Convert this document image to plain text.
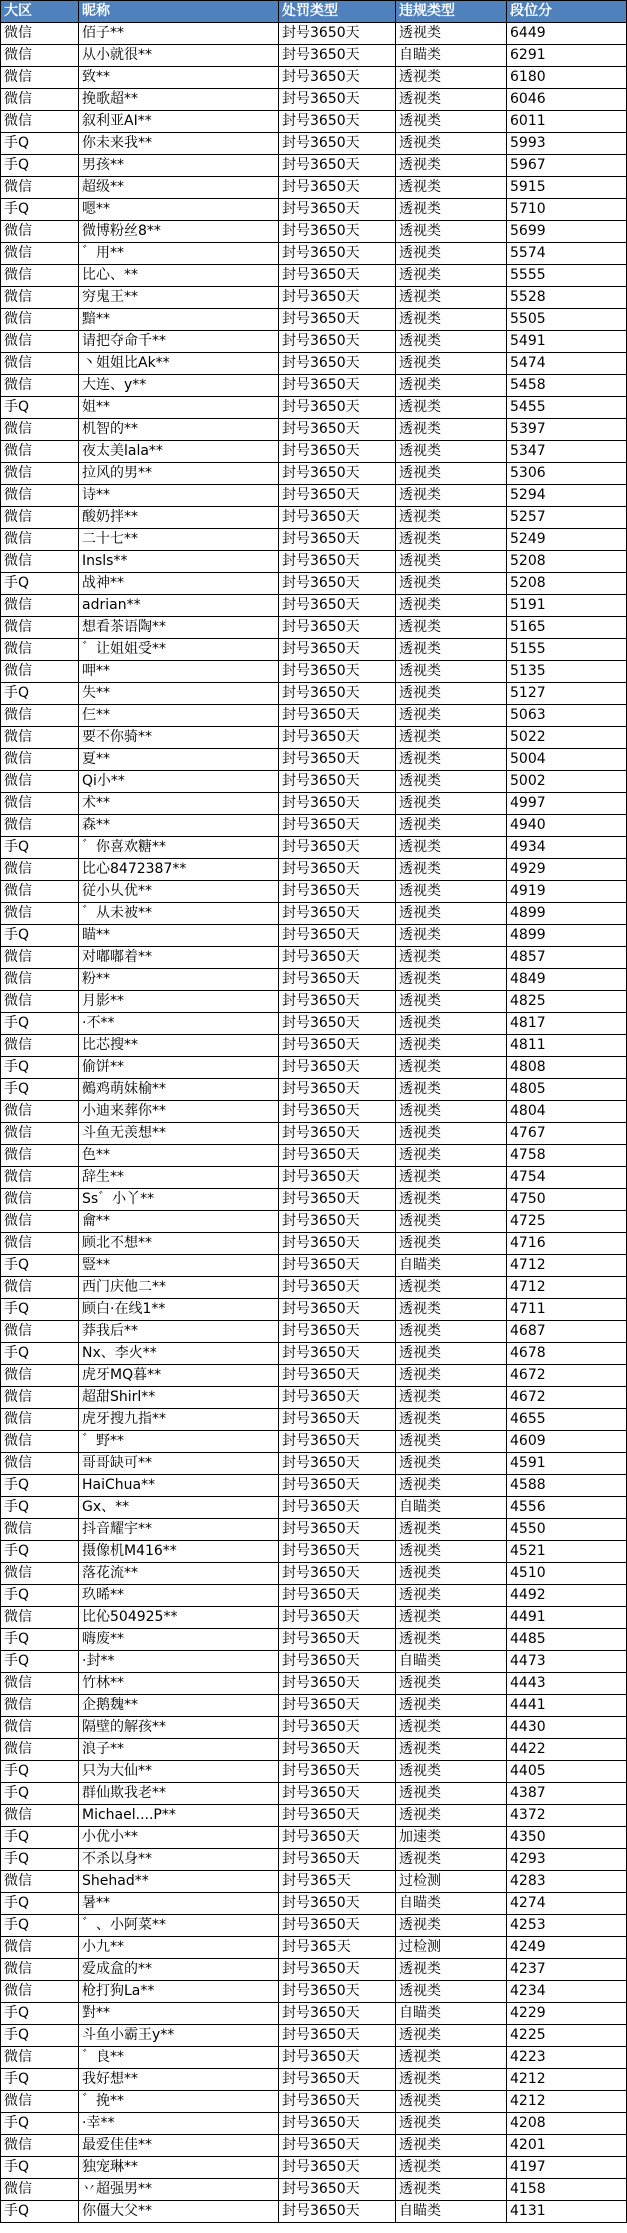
大区	昵称	处罚类型	违规类型	段位分
微信	佰子**	封号3650天	透视类	6449
微信	从小就很**	封号3650天	自瞄类	6291
微信	致**	封号3650天	透视类	6180
微信	挽歌超**	封号3650天	透视类	6046
微信	叙利亚AI**	封号3650天	透视类	6011
手Q	你未来我**	封号3650天	透视类	5993
手Q	男孩**	封号3650天	透视类	5967
微信	超级**	封号3650天	透视类	5915
手Q	嗯**	封号3650天	透视类	5710
微信	微博粉丝8**	封号3650天	透视类	5699
微信	゛用**	封号3650天	透视类	5574
微信	比心、**	封号3650天	透视类	5555
微信	穷鬼王**	封号3650天	透视类	5528
微信	黯**	封号3650天	透视类	5505
微信	请把夺命千**	封号3650天	透视类	5491
微信	丶姐姐比Ak**	封号3650天	透视类	5474
微信	大连、y**	封号3650天	透视类	5458
手Q	姐**	封号3650天	透视类	5455
微信	机智的**	封号3650天	透视类	5397
微信	夜太美lala**	封号3650天	透视类	5347
微信	拉风的男**	封号3650天	透视类	5306
微信	诗**	封号3650天	透视类	5294
微信	酸奶拌**	封号3650天	透视类	5257
微信	二十七**	封号3650天	透视类	5249
微信	Insls**	封号3650天	透视类	5208
手Q	战神**	封号3650天	透视类	5208
微信	adrian**	封号3650天	透视类	5191
微信	想看茶语陶**	封号3650天	透视类	5165
微信	゛让姐姐受**	封号3650天	透视类	5155
微信	呷**	封号3650天	透视类	5135
手Q	失**	封号3650天	透视类	5127
微信	仨**	封号3650天	透视类	5063
微信	要不你骑**	封号3650天	透视类	5022
微信	夏**	封号3650天	透视类	5004
微信	Qi小**	封号3650天	透视类	5002
微信	术**	封号3650天	透视类	4997
微信	森**	封号3650天	透视类	4940
手Q	゛你喜欢糖**	封号3650天	透视类	4934
微信	比心8472387**	封号3650天	透视类	4929
微信	従小乆优**	封号3650天	透视类	4919
微信	゛从未被**	封号3650天	透视类	4899
手Q	瞄**	封号3650天	透视类	4899
微信	对嘟嘟着**	封号3650天	透视类	4857
微信	粉**	封号3650天	透视类	4849
微信	月影**	封号3650天	透视类	4825
手Q	·不**	封号3650天	透视类	4817
微信	比芯搜**	封号3650天	透视类	4811
手Q	偷饼**	封号3650天	透视类	4808
手Q	鵺鸡萌妹榆**	封号3650天	透视类	4805
微信	小迪来葬你**	封号3650天	透视类	4804
微信	斗鱼无羡想**	封号3650天	透视类	4767
微信	色**	封号3650天	透视类	4758
微信	辞生**	封号3650天	透视类	4754
微信	Ss゛小丫**	封号3650天	透视类	4750
微信	龠**	封号3650天	透视类	4725
微信	顾北不想**	封号3650天	透视类	4716
手Q	豎**	封号3650天	自瞄类	4712
微信	西门庆他二**	封号3650天	透视类	4712
手Q	顾白·在线1**	封号3650天	透视类	4711
微信	莽我后**	封号3650天	透视类	4687
手Q	Nx、李火**	封号3650天	透视类	4678
微信	虎牙MQ暮**	封号3650天	透视类	4672
微信	超甜Shirl**	封号3650天	透视类	4672
微信	虎牙搜九指**	封号3650天	透视类	4655
微信	゛野**	封号3650天	透视类	4609
微信	哥哥缺可**	封号3650天	透视类	4591
手Q	HaiChua**	封号3650天	透视类	4588
手Q	Gx、**	封号3650天	自瞄类	4556
微信	抖音耀宇**	封号3650天	透视类	4550
手Q	摄像机M416**	封号3650天	透视类	4521
微信	落花流**	封号3650天	透视类	4510
手Q	玖晞**	封号3650天	透视类	4492
微信	比伈504925**	封号3650天	透视类	4491
手Q	嗨废**	封号3650天	透视类	4485
手Q	·封**	封号3650天	自瞄类	4473
微信	竹林**	封号3650天	透视类	4443
微信	企鹅魏**	封号3650天	透视类	4441
微信	隔壁的解孩**	封号3650天	透视类	4430
微信	浪子**	封号3650天	透视类	4422
手Q	只为大仙**	封号3650天	透视类	4405
手Q	群仙欺我老**	封号3650天	透视类	4387
微信	Michael....P**	封号3650天	透视类	4372
手Q	小优小**	封号3650天	加速类	4350
手Q	不杀以身**	封号3650天	透视类	4293
微信	Shehad**	封号365天	过检测	4283
手Q	暑**	封号3650天	自瞄类	4274
手Q	゛、小阿菜**	封号3650天	透视类	4253
微信	小九**	封号365天	过检测	4249
微信	爱成盒的**	封号3650天	透视类	4237
微信	枪打狗La**	封号3650天	透视类	4234
手Q	對**	封号3650天	自瞄类	4229
手Q	斗鱼小霸王y**	封号3650天	透视类	4225
微信	゛良**	封号3650天	透视类	4223
手Q	我好想**	封号3650天	透视类	4212
微信	゛挽**	封号3650天	透视类	4212
手Q	·幸**	封号3650天	透视类	4208
微信	最爱佳佳**	封号3650天	透视类	4201
手Q	独宠琳**	封号3650天	透视类	4197
微信	丷超强男**	封号3650天	透视类	4158
手Q	你僵大父**	封号3650天	自瞄类	4131
